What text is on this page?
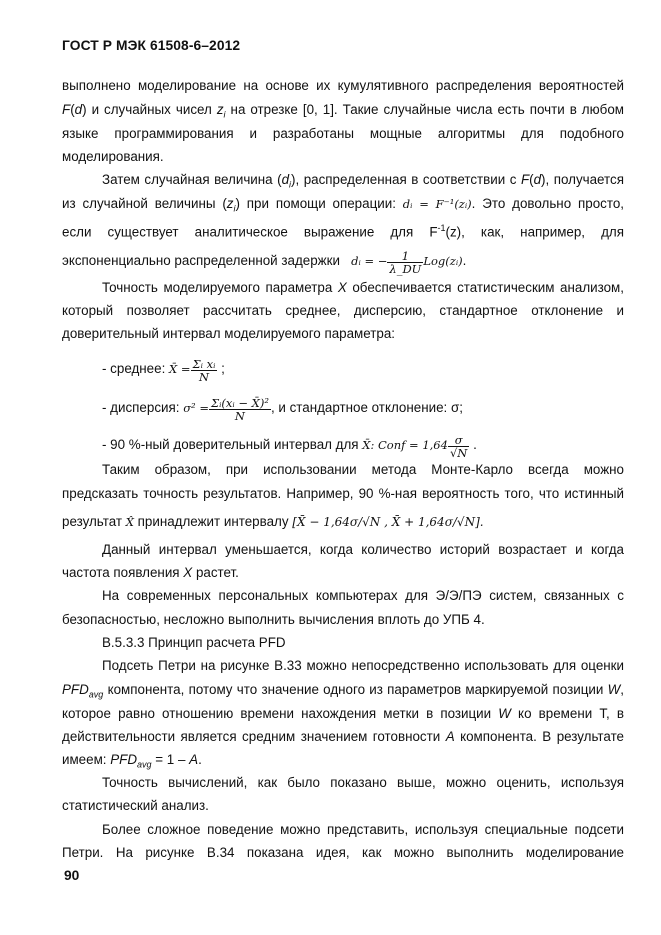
ГОСТ Р МЭК 61508-6–2012
выполнено моделирование на основе их кумулятивного распределения вероятностей
F(d) и случайных чисел $z_i$ на отрезке [0, 1]. Такие случайные числа есть почти в любом
языке программирования и разработаны мощные алгоритмы для подобного
моделирования.
Затем случайная величина $(d_i)$, распределенная в соответствии с F(d), получается
из случайной величины $(z_i)$ при помощи операции: dᵢ = F⁻¹(zᵢ). Это довольно просто,
если существует аналитическое выражение для $F^{-1}(z)$, как, например, для
экспоненциально распределенной задержки dᵢ = − $\frac{1}{\lambda\_DU}$ Log(zᵢ).
Точность моделируемого параметра X обеспечивается статистическим анализом,
который позволяет рассчитать среднее, дисперсию, стандартное отклонение и
доверительный интервал моделируемого параметра:
- среднее: X̄ = $\frac{\text{Σᵢ xᵢ}}{N}$ ;
- дисперсия: $\sigma^2 = \frac{\text{Σᵢ(xᵢ − X̄)²}}{N}$ , и стандартное отклонение: σ;
- 90 %-ный доверительный интервал для X̄: Conf = $1,64 \frac{\sigma}{√N}$ .
Таким образом, при использовании метода Монте-Карло всегда можно
предсказать точность результатов. Например, 90 %-ная вероятность того, что истинный
результат X̂ принадлежит интервалу [X̄ − 1,64σ/√N , X̄ + 1,64σ/√N].
Данный интервал уменьшается, когда количество историй возрастает и когда
частота появления X растет.
На современных персональных компьютерах для Э/Э/ПЭ систем, связанных с
безопасностью, несложно выполнить вычисления вплоть до УПБ 4.
В.5.3.3 Принцип расчета PFD
Подсеть Петри на рисунке В.33 можно непосредственно использовать для оценки
$PFD_{avg}$ компонента, потому что значение одного из параметров маркируемой позиции W,
которое равно отношению времени нахождения метки в позиции W ко времени T, в
действительности является средним значением готовности A компонента. В результате
имеем: $PFD_{avg} = 1 - A$.
Точность вычислений, как было показано выше, можно оценить, используя
статистический анализ.
Более сложное поведение можно представить, используя специальные подсети
Петри. На рисунке В.34 показана идея, как можно выполнить моделирование
90
